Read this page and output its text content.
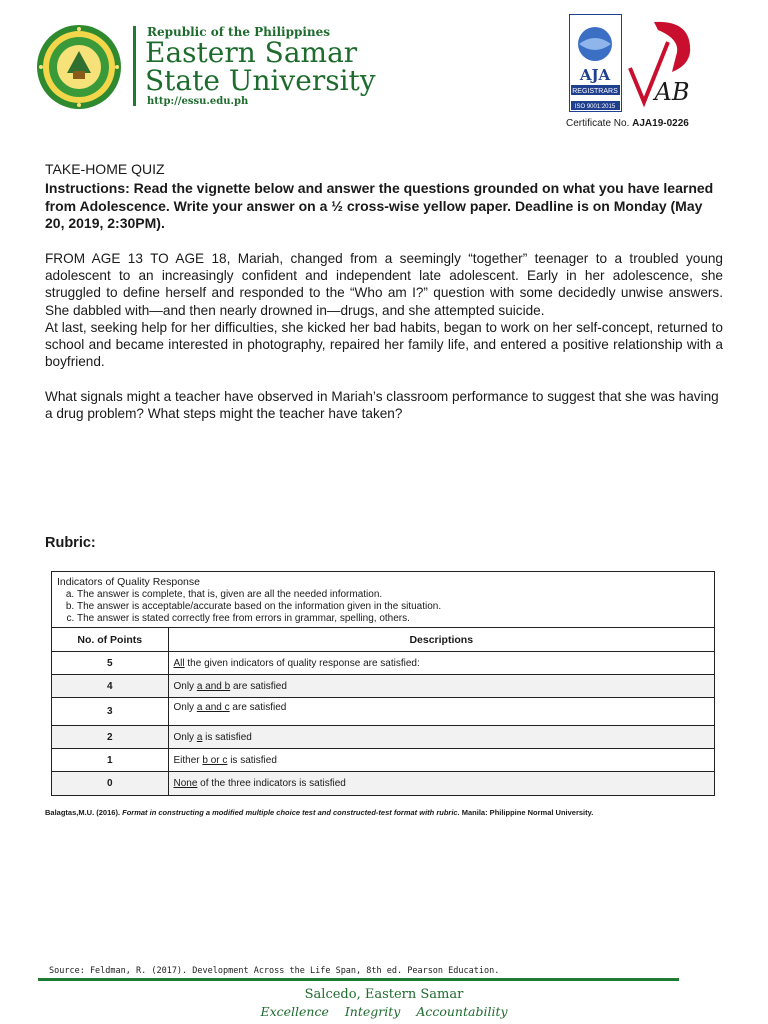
Republic of the Philippines
Eastern Samar
State University
http://essu.edu.ph
AJA
REGISTRARS
ISO 9001:2015
AB
Certificate No. AJA19-0226
TAKE-HOME QUIZ
Instructions: Read the vignette below and answer the questions grounded on what you have learned from Adolescence. Write your answer on a ½ cross-wise yellow paper. Deadline is on Monday (May 20, 2019, 2:30PM).

FROM AGE 13 TO AGE 18, Mariah, changed from a seemingly “together” teenager to a troubled young adolescent to an increasingly confident and independent late adolescent. Early in her adolescence, she struggled to define herself and responded to the “Who am I?” question with some decidedly unwise answers. She dabbled with—and then nearly drowned in—drugs, and she attempted suicide.

At last, seeking help for her difficulties, she kicked her bad habits, began to work on her self-concept, returned to school and became interested in photography, repaired her family life, and entered a positive relationship with a boyfriend.

What signals might a teacher have observed in Mariah’s classroom performance to suggest that she was having a drug problem? What steps might the teacher have taken?
Rubric:
Indicators of Quality Response
a. The answer is complete, that is, given are all the needed information.
b. The answer is acceptable/accurate based on the information given in the situation.
c. The answer is stated correctly free from errors in grammar, spelling, others.
No. of Points	Descriptions
5	All the given indicators of quality response are satisfied:
4	Only a and b are satisfied
3	Only a and c are satisfied
2	Only a is satisfied
1	Either b or c is satisfied
0	None of the three indicators is satisfied
Balagtas,M.U. (2016). Format in constructing a modified multiple choice test and constructed-test format with rubric. Manila: Philippine Normal University.
Source: Feldman, R. (2017). Development Across the Life Span, 8th ed. Pearson Education.
Salcedo, Eastern Samar
Excellence Integrity Accountability
